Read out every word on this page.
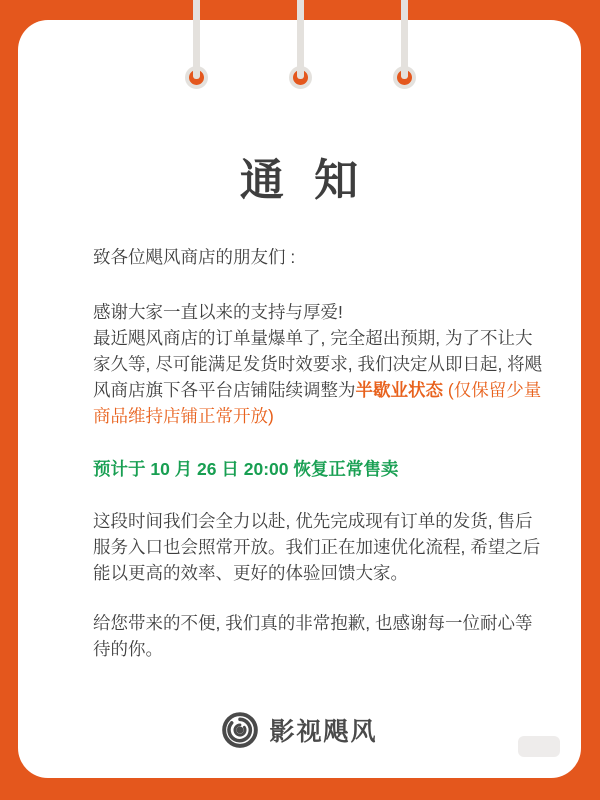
通 知

致各位飓风商店的朋友们 :

感谢大家一直以来的支持与厚爱!
最近飓风商店的订单量爆单了, 完全超出预期, 为了不让大家久等, 尽可能满足发货时效要求, 我们决定从即日起, 将飓风商店旗下各平台店铺陆续调整为半歇业状态 (仅保留少量商品维持店铺正常开放)

预计于 10 月 26 日 20:00 恢复正常售卖

这段时间我们会全力以赴, 优先完成现有订单的发货, 售后服务入口也会照常开放。我们正在加速优化流程, 希望之后能以更高的效率、更好的体验回馈大家。

给您带来的不便, 我们真的非常抱歉, 也感谢每一位耐心等待的你。

影视飓风
小红书号：MediaStore
